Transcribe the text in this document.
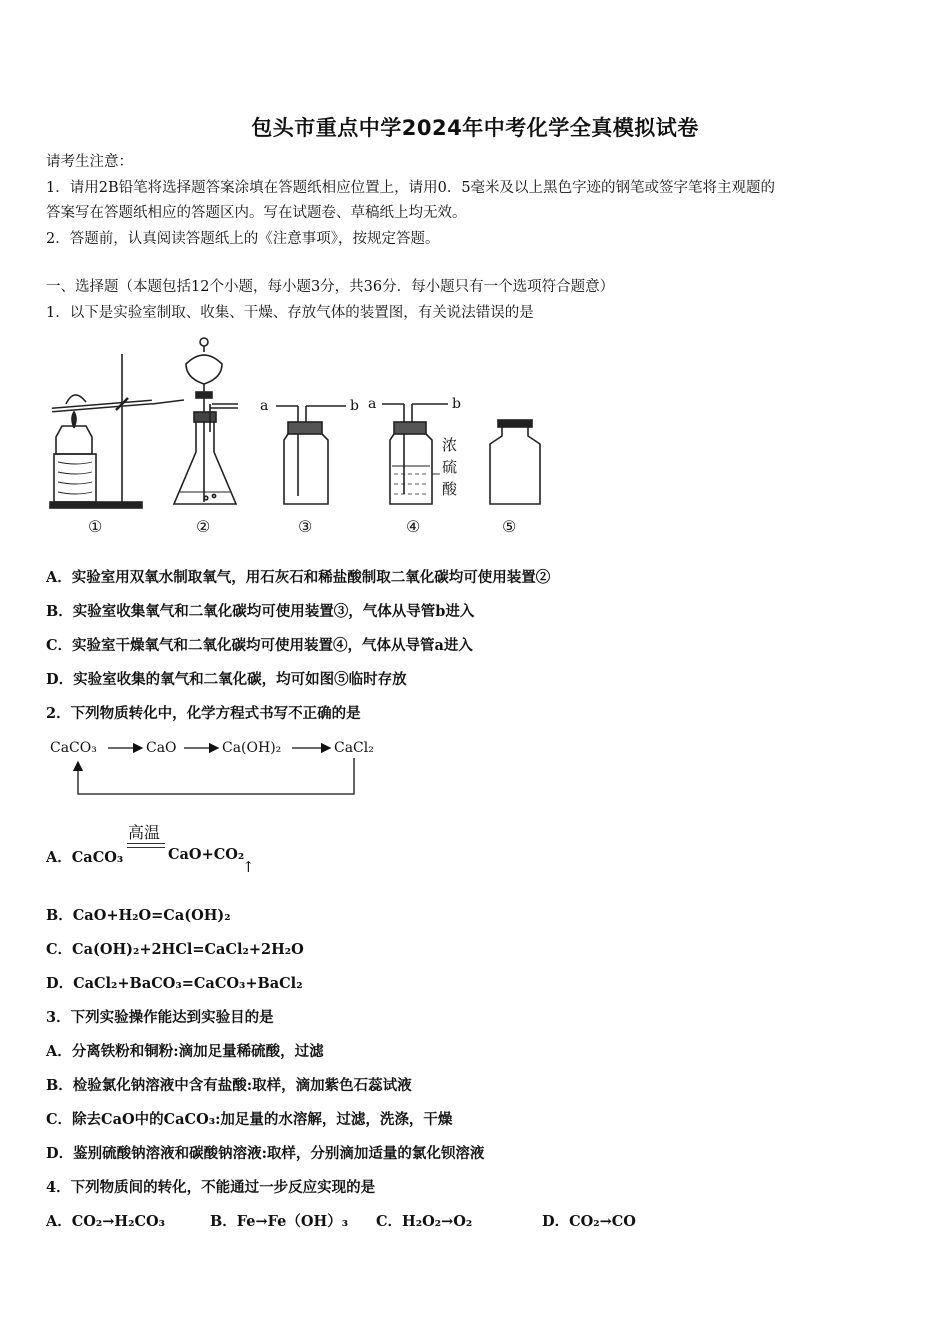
包头市重点中学2024年中考化学全真模拟试卷
请考生注意：
1．请用2B铅笔将选择题答案涂填在答题纸相应位置上，请用0．5毫米及以上黑色字迹的钢笔或签字笔将主观题的
答案写在答题纸相应的答题区内。写在试题卷、草稿纸上均无效。
2．答题前，认真阅读答题纸上的《注意事项》，按规定答题。
一、选择题（本题包括12个小题，每小题3分，共36分．每小题只有一个选项符合题意）
1．以下是实验室制取、收集、干燥、存放气体的装置图，有关说法错误的是
a	b a	b
浓
硫
酸
①	②	③	④	⑤
A．实验室用双氧水制取氧气，用石灰石和稀盐酸制取二氧化碳均可使用装置②
B．实验室收集氧气和二氧化碳均可使用装置③，气体从导管b进入
C．实验室干燥氧气和二氧化碳均可使用装置④，气体从导管a进入
D．实验室收集的氧气和二氧化碳，均可如图⑤临时存放
2．下列物质转化中，化学方程式书写不正确的是
CaCO₃	CaO	Ca(OH)₂	CaCl₂
A．CaCO₃
高温
CaO+CO₂
↑
B．CaO+H₂O=Ca(OH)₂
C．Ca(OH)₂+2HCl=CaCl₂+2H₂O
D．CaCl₂+BaCO₃=CaCO₃+BaCl₂
3．下列实验操作能达到实验目的是
A．分离铁粉和铜粉:滴加足量稀硫酸，过滤
B．检验氯化钠溶液中含有盐酸:取样，滴加紫色石蕊试液
C．除去CaO中的CaCO₃:加足量的水溶解，过滤，洗涤，干燥
D．鉴别硫酸钠溶液和碳酸钠溶液:取样，分别滴加适量的氯化钡溶液
4．下列物质间的转化，不能通过一步反应实现的是
A．CO₂→H₂CO₃	B．Fe→Fe（OH）₃ C．H₂O₂→O₂	D．CO₂→CO
